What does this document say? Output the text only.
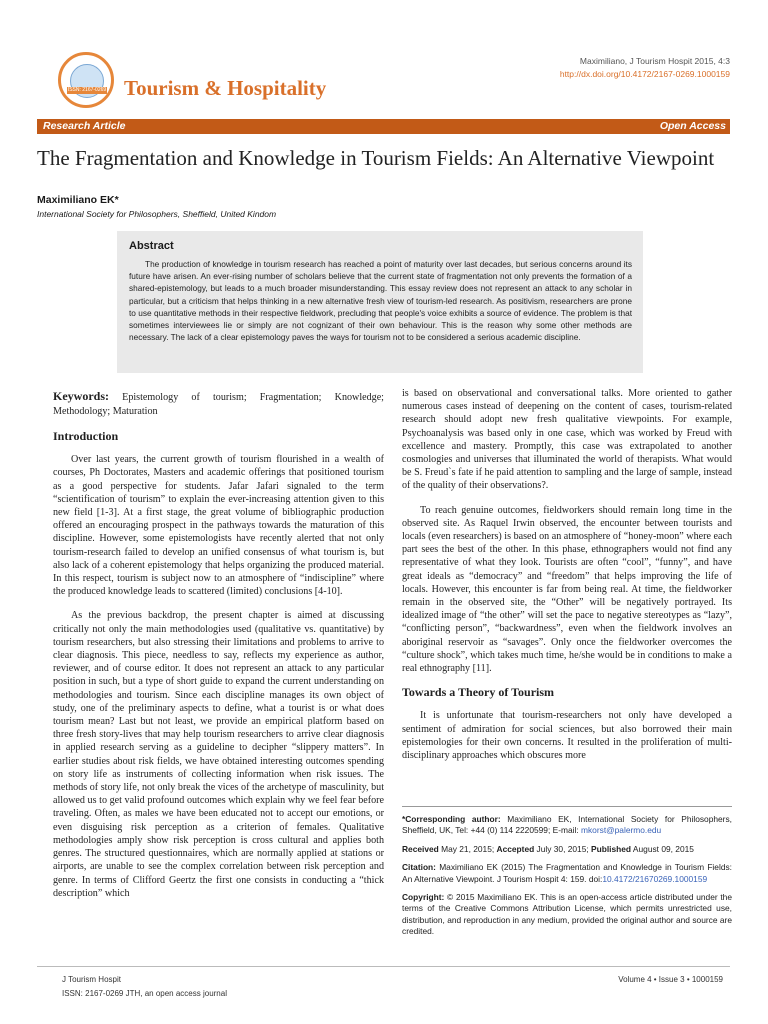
ISSN: 2167-0269 Tourism & Hospitality
Maximiliano, J Tourism Hospit 2015, 4:3
http://dx.doi.org/10.4172/2167-0269.1000159
Research Article	Open Access
The Fragmentation and Knowledge in Tourism Fields: An Alternative Viewpoint
Maximiliano EK*
International Society for Philosophers, Sheffield, United Kindom
Abstract

The production of knowledge in tourism research has reached a point of maturity over last decades, but serious concerns around its future have arisen. An ever-rising number of scholars believe that the current state of fragmentation not only prevents the formation of a shared-epistemology, but leads to a much broader misunderstanding. This essay review does not represent an attack to any scholar in particular, but a criticism that helps thinking in a new alternative fresh view of tourism-led research. As positivism, researchers are prone to use quantitative methods in their respective fieldwork, precluding that people's voice exhibits a source of evidence. The problem is that sometimes interviewees lie or simply are not cognizant of their own behaviour. This is the reason why some other methods are necessary. The lack of a clear epistemology paves the ways for tourism not to be considered a serious academic discipline.

Keywords: Epistemology of tourism; Fragmentation; Knowledge; Methodology; Maturation

Introduction

Over last years, the current growth of tourism flourished in a wealth of courses, Ph Doctorates, Masters and academic offerings that positioned tourism as a good perspective for students. Jafar Jafari signaled to the term “scientification of tourism” to explain the ever-increasing attention given to this new field [1-3]. At a first stage, the great volume of bibliographic production offered an encouraging prospect in the pathways towards the maturation of this discipline. However, some epistemologists have recently alerted that not only tourism-research failed to develop an unified consensus of what tourism is, but also lack of a coherent epistemology that helps organizing the produced material. In this respect, tourism is subject now to an atmosphere of “indiscipline” where the produced knowledge leads to scattered (limited) conclusions [4-10].

As the previous backdrop, the present chapter is aimed at discussing critically not only the main methodologies used (qualitative vs. quantitative) by tourism researchers, but also stressing their limitations and problems to arrive to clear diagnosis. This piece, needless to say, reflects my experience as author, reviewer, and of course editor. It does not represent an attack to any particular position in such, but a type of short guide to expand the current understanding on methodologies and tourism. Since each discipline manages its own object of study, one of the preliminary aspects to define, what a tourist is or what does tourism mean? Last but not least, we provide an empirical platform based on three fresh story-lives that may help tourism researchers to arrive clear diagnosis in applied research serving as a guideline to decipher “slippery matters”. In earlier studies about risk fields, we have obtained interesting outcomes spending on story life as instruments of collecting information when risk issues. The methods of story life, not only break the vices of the archetype of masculinity, but allowed us to get valid profound outcomes which explain why we feel fear before traveling. Often, as males we have been educated not to accept our emotions, or even disguising risk perception as a criterion of females. Qualitative methodologies amply show risk perception is cross cultural and applies both genres. The structured questionnaires, which are normally applied at stations or airports, are unable to see the complex correlation between risk perception and genre. In terms of Clifford Geertz the first one consists in conducting a “thick description” which

is based on observational and conversational talks. More oriented to gather numerous cases instead of deepening on the content of cases, tourism-related research should adopt new fresh qualitative viewpoints. For example, Psychoanalysis was based only in one case, which was worked by Freud with excellence and mastery. Promptly, this case was extrapolated to another cosmologies and universes that illuminated the world of therapists. What would be S. Freud`s fate if he paid attention to sampling and the large of sample, instead of the quality of their observations?.

To reach genuine outcomes, fieldworkers should remain long time in the observed site. As Raquel Irwin observed, the encounter between tourists and locals (even researchers) is based on an atmosphere of “honey-moon” where each part sees the best of the other. In this phase, ethnographers would not find any representative of what they look. Tourists are often “cool”, “funny”, and have great ideals as “democracy” and “freedom” that helps improving the life of locals. However, this encounter is far from being real. At time, the fieldworker remain in the observed site, the “Other” will be negatively portrayed. Its idealized image of “the other” will set the pace to negative stereotypes as “lazy”, “conflicting person”, “backwardness”, even when the fieldwork involves an aboriginal reservoir as “savages”. Only once the fieldworker overcomes the “culture shock”, which takes much time, he/she would be in conditions to make a real ethnography [11].

Towards a Theory of Tourism

It is unfortunate that tourism-researchers not only have developed a sentiment of admiration for social sciences, but also borrowed their main epistemologies for their own concerns. It resulted in the proliferation of multi-disciplinary approaches which obscures more

*Corresponding author: Maximiliano EK, International Society for Philosophers, Sheffield, UK, Tel: +44 (0) 114 2220599; E-mail: mkorst@palermo.edu

Received May 21, 2015; Accepted July 30, 2015; Published August 09, 2015

Citation: Maximiliano EK (2015) The Fragmentation and Knowledge in Tourism Fields: An Alternative Viewpoint. J Tourism Hospit 4: 159. doi:10.4172/21670269.1000159

Copyright: © 2015 Maximiliano EK. This is an open-access article distributed under the terms of the Creative Commons Attribution License, which permits unrestricted use, distribution, and reproduction in any medium, provided the original author and source are credited.

J Tourism Hospit
ISSN: 2167-0269 JTH, an open access journal
Volume 4 • Issue 3 • 1000159
